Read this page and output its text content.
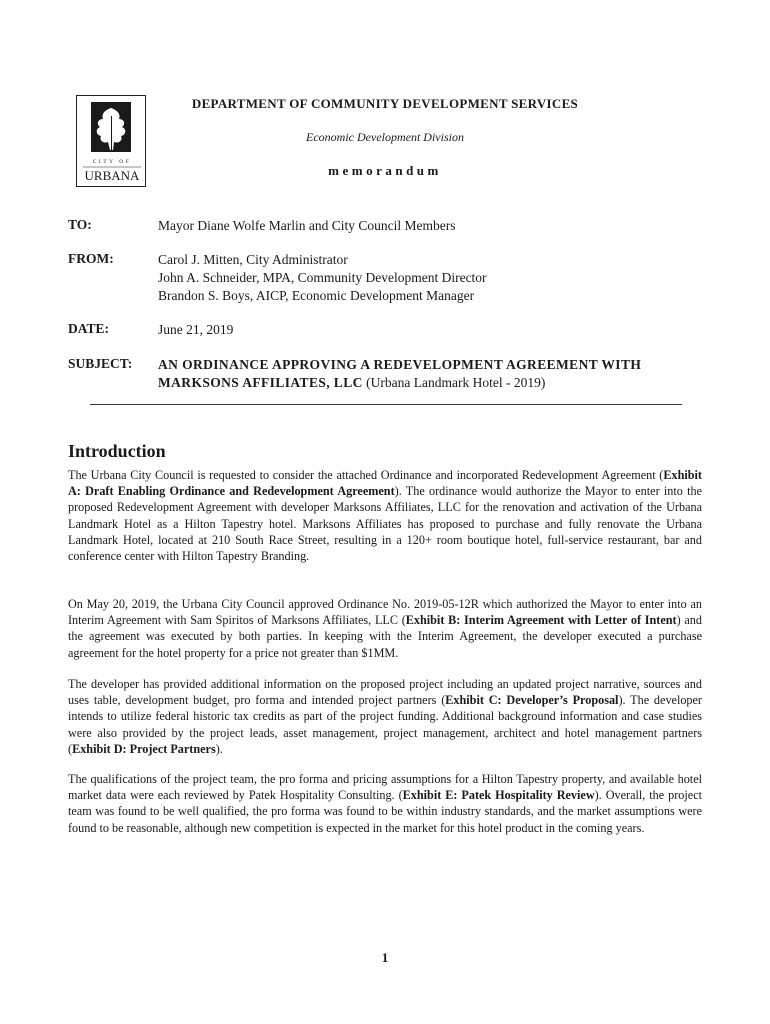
CITY OF
URBANA
DEPARTMENT OF COMMUNITY DEVELOPMENT SERVICES
Economic Development Division
memorandum
TO:	Mayor Diane Wolfe Marlin and City Council Members
FROM:	Carol J. Mitten, City Administrator
John A. Schneider, MPA, Community Development Director
Brandon S. Boys, AICP, Economic Development Manager
DATE:	June 21, 2019
SUBJECT: AN ORDINANCE APPROVING A REDEVELOPMENT AGREEMENT WITH
MARKSONS AFFILIATES, LLC (Urbana Landmark Hotel - 2019)
Introduction

The Urbana City Council is requested to consider the attached Ordinance and incorporated Redevelopment Agreement (Exhibit A: Draft Enabling Ordinance and Redevelopment Agreement). The ordinance would authorize the Mayor to enter into the proposed Redevelopment Agreement with developer Marksons Affiliates, LLC for the renovation and activation of the Urbana Landmark Hotel as a Hilton Tapestry hotel. Marksons Affiliates has proposed to purchase and fully renovate the Urbana Landmark Hotel, located at 210 South Race Street, resulting in a 120+ room boutique hotel, full-service restaurant, bar and conference center with Hilton Tapestry Branding.

On May 20, 2019, the Urbana City Council approved Ordinance No. 2019-05-12R which authorized the Mayor to enter into an Interim Agreement with Sam Spiritos of Marksons Affiliates, LLC (Exhibit B: Interim Agreement with Letter of Intent) and the agreement was executed by both parties. In keeping with the Interim Agreement, the developer executed a purchase agreement for the hotel property for a price not greater than $1MM.

The developer has provided additional information on the proposed project including an updated project narrative, sources and uses table, development budget, pro forma and intended project partners (Exhibit C: Developer’s Proposal). The developer intends to utilize federal historic tax credits as part of the project funding. Additional background information and case studies were also provided by the project leads, asset management, project management, architect and hotel management partners (Exhibit D: Project Partners).

The qualifications of the project team, the pro forma and pricing assumptions for a Hilton Tapestry property, and available hotel market data were each reviewed by Patek Hospitality Consulting. (Exhibit E: Patek Hospitality Review). Overall, the project team was found to be well qualified, the pro forma was found to be within industry standards, and the market assumptions were found to be reasonable, although new competition is expected in the market for this hotel product in the coming years.

1
